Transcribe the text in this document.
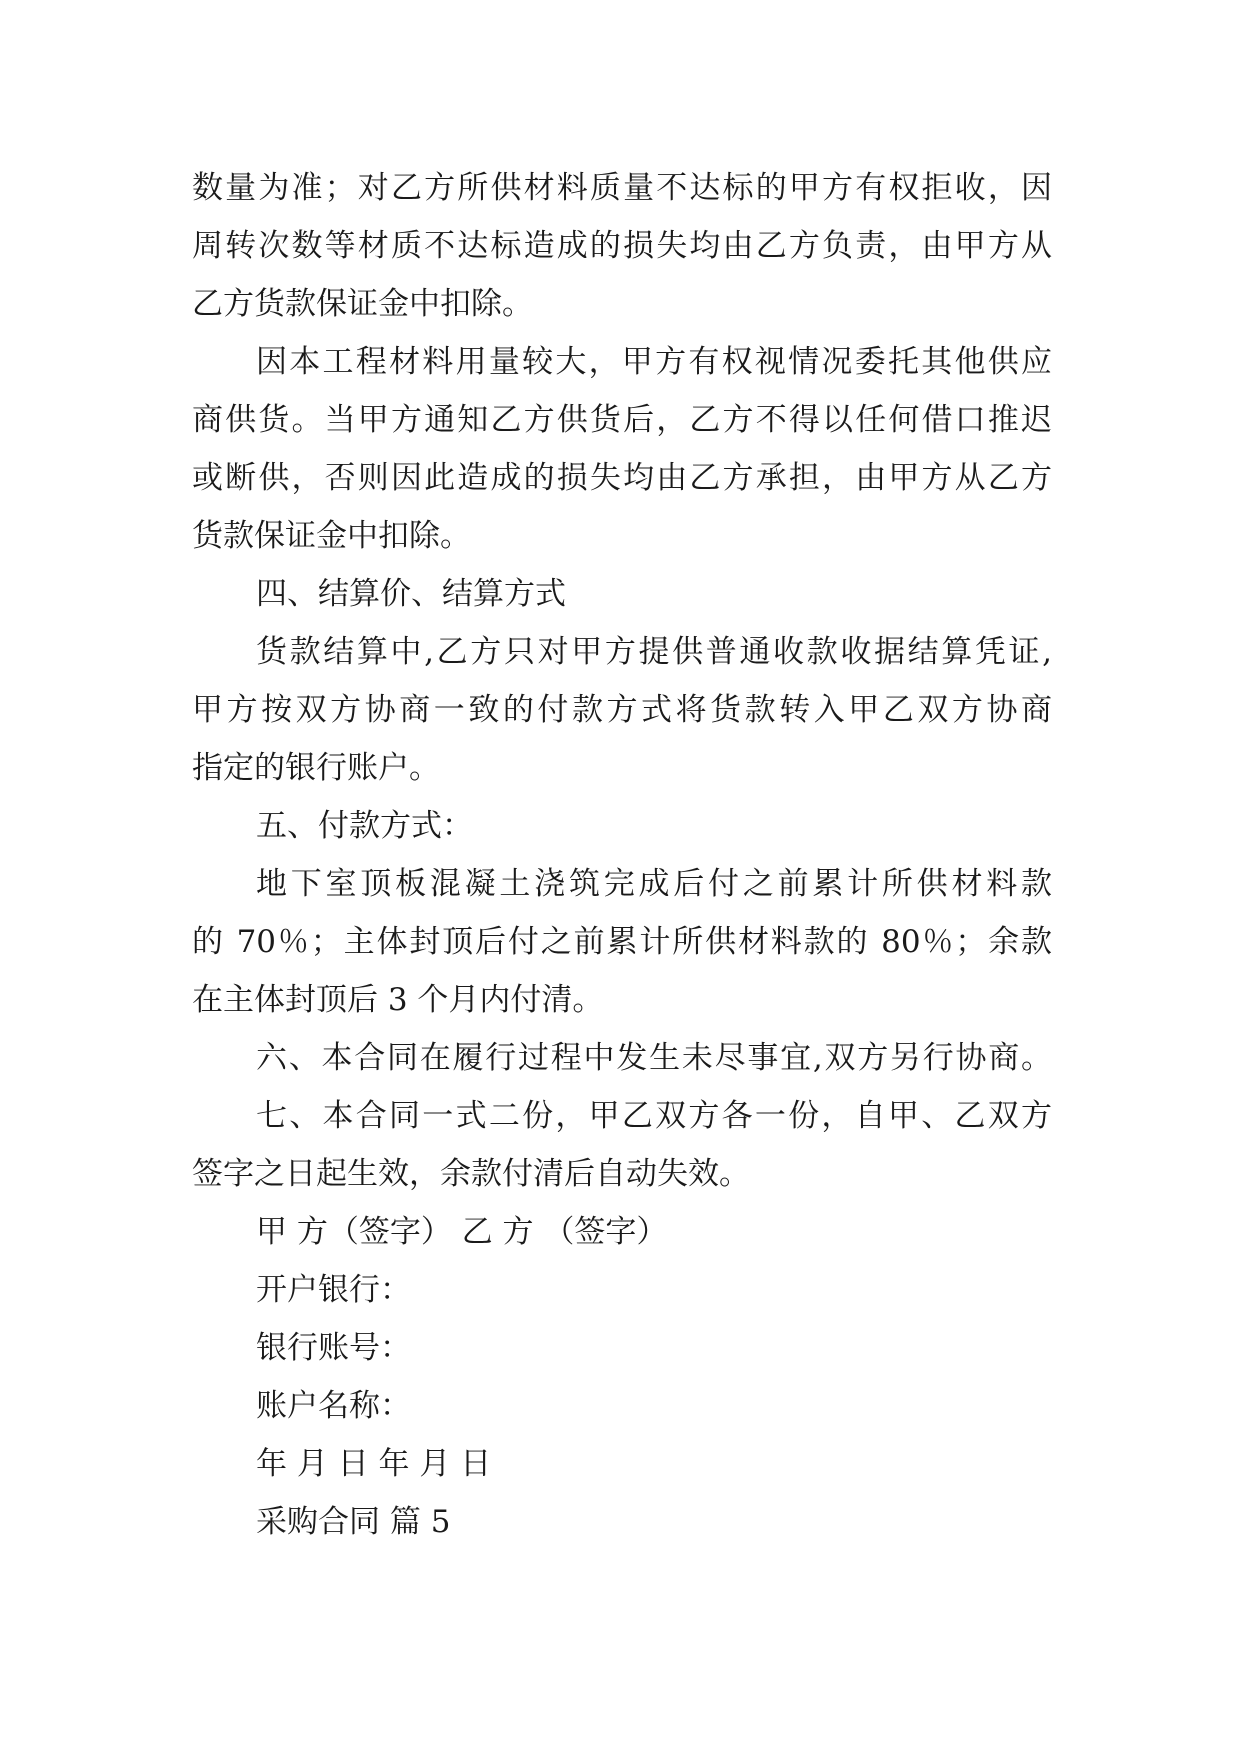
数量为准；对乙方所供材料质量不达标的甲方有权拒收，因
周转次数等材质不达标造成的损失均由乙方负责，由甲方从
乙方货款保证金中扣除。
因本工程材料用量较大，甲方有权视情况委托其他供应
商供货。当甲方通知乙方供货后，乙方不得以任何借口推迟
或断供，否则因此造成的损失均由乙方承担，由甲方从乙方
货款保证金中扣除。
四、结算价、结算方式
货款结算中,乙方只对甲方提供普通收款收据结算凭证,
甲方按双方协商一致的付款方式将货款转入甲乙双方协商
指定的银行账户。
五、付款方式：
地下室顶板混凝土浇筑完成后付之前累计所供材料款
的 70％；主体封顶后付之前累计所供材料款的 80％；余款
在主体封顶后 3 个月内付清。
六、本合同在履行过程中发生未尽事宜,双方另行协商。
七、本合同一式二份，甲乙双方各一份，自甲、乙双方
签字之日起生效，余款付清后自动失效。
甲 方（签字） 乙 方 （签字）
开户银行：
银行账号：
账户名称：
年 月 日 年 月 日
采购合同 篇 5
